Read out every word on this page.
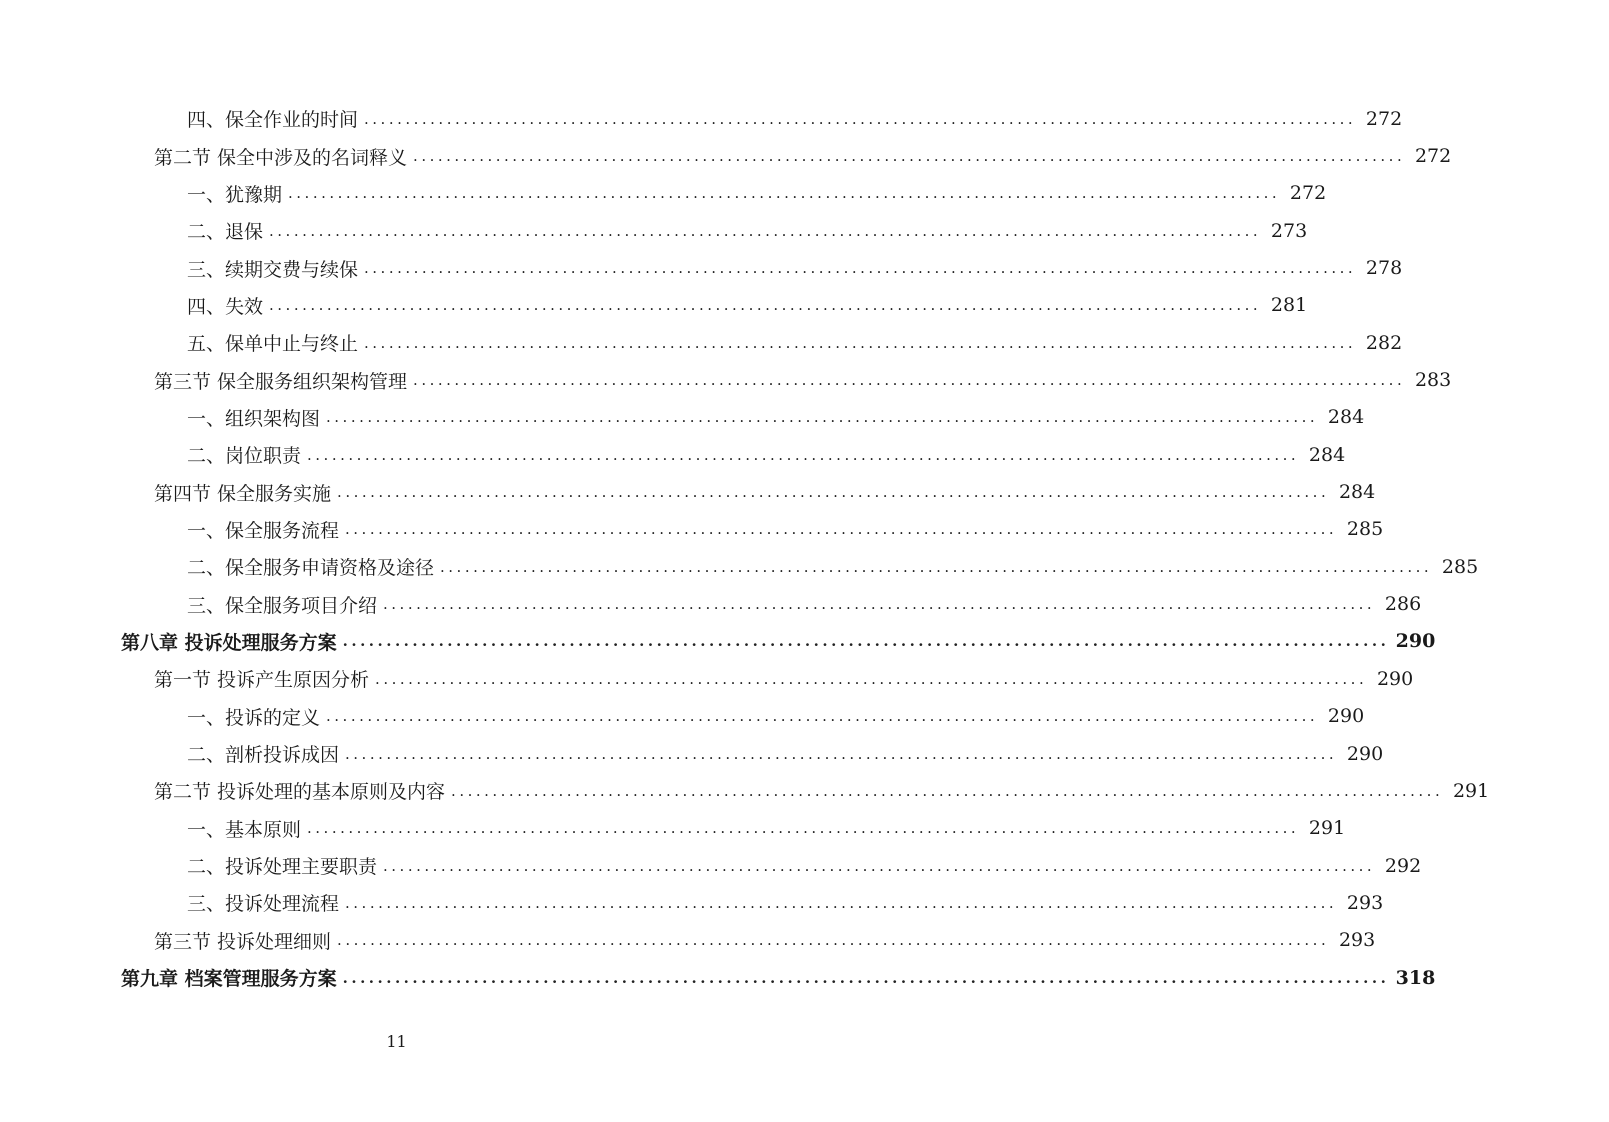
四、保全作业的时间 ........................................................................................................................ 272
第二节 保全中涉及的名词释义 ........................................................................................................................ 272
一、犹豫期 ........................................................................................................................ 272
二、退保 ........................................................................................................................ 273
三、续期交费与续保 ........................................................................................................................ 278
四、失效 ........................................................................................................................ 281
五、保单中止与终止 ........................................................................................................................ 282
第三节 保全服务组织架构管理 ........................................................................................................................ 283
一、组织架构图 ........................................................................................................................ 284
二、岗位职责 ........................................................................................................................ 284
第四节 保全服务实施 ........................................................................................................................ 284
一、保全服务流程 ........................................................................................................................ 285
二、保全服务申请资格及途径 ........................................................................................................................ 285
三、保全服务项目介绍 ........................................................................................................................ 286
第八章 投诉处理服务方案 ........................................................................................................................ 290
第一节 投诉产生原因分析 ........................................................................................................................ 290
一、投诉的定义 ........................................................................................................................ 290
二、剖析投诉成因 ........................................................................................................................ 290
第二节 投诉处理的基本原则及内容 ........................................................................................................................ 291
一、基本原则 ........................................................................................................................ 291
二、投诉处理主要职责 ........................................................................................................................ 292
三、投诉处理流程 ........................................................................................................................ 293
第三节 投诉处理细则 ........................................................................................................................ 293
第九章 档案管理服务方案 ........................................................................................................................ 318
11
